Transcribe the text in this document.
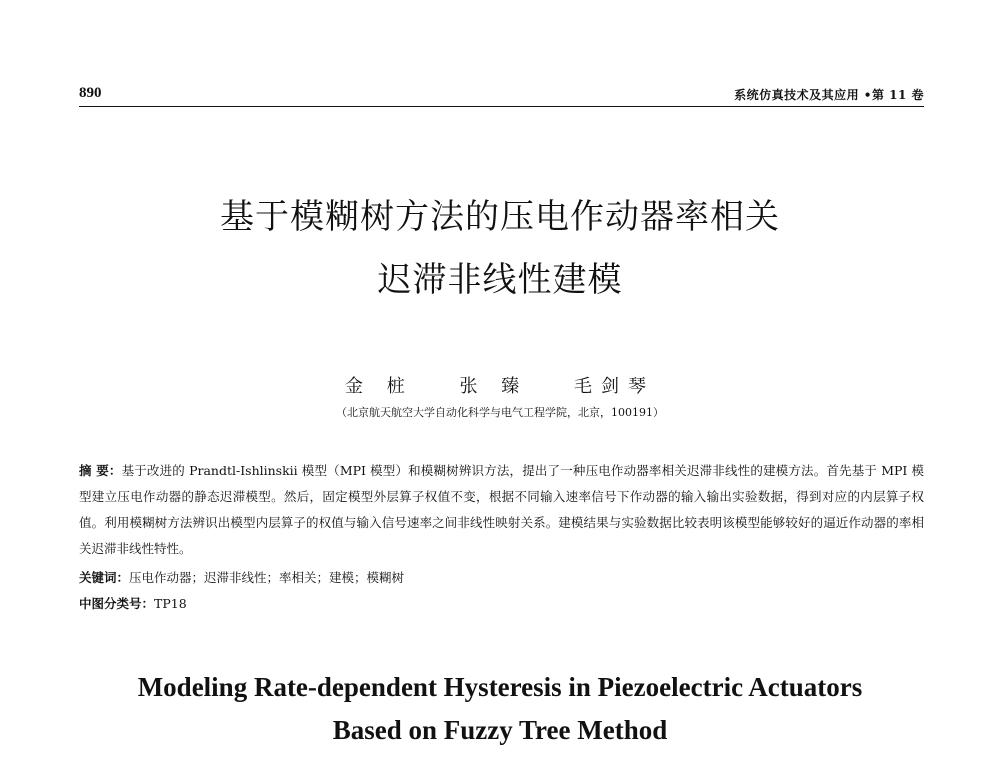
890	系统仿真技术及其应用 •第 11 卷
基于模糊树方法的压电作动器率相关
迟滞非线性建模
金 桩	张 臻	毛剑琴
（北京航天航空大学自动化科学与电气工程学院，北京，100191）
摘 要：基于改进的 Prandtl-Ishlinskii 模型（MPI 模型）和模糊树辨识方法，提出了一种压电作动器率相关迟滞非线性的建模方法。首先基于 MPI 模型建立压电作动器的静态迟滞模型。然后，固定模型外层算子权值不变，根据不同输入速率信号下作动器的输入输出实验数据，得到对应的内层算子权值。利用模糊树方法辨识出模型内层算子的权值与输入信号速率之间非线性映射关系。建模结果与实验数据比较表明该模型能够较好的逼近作动器的率相关迟滞非线性特性。
关键词：压电作动器；迟滞非线性；率相关；建模；模糊树
中图分类号：TP18
Modeling Rate-dependent Hysteresis in Piezoelectric Actuators
Based on Fuzzy Tree Method
